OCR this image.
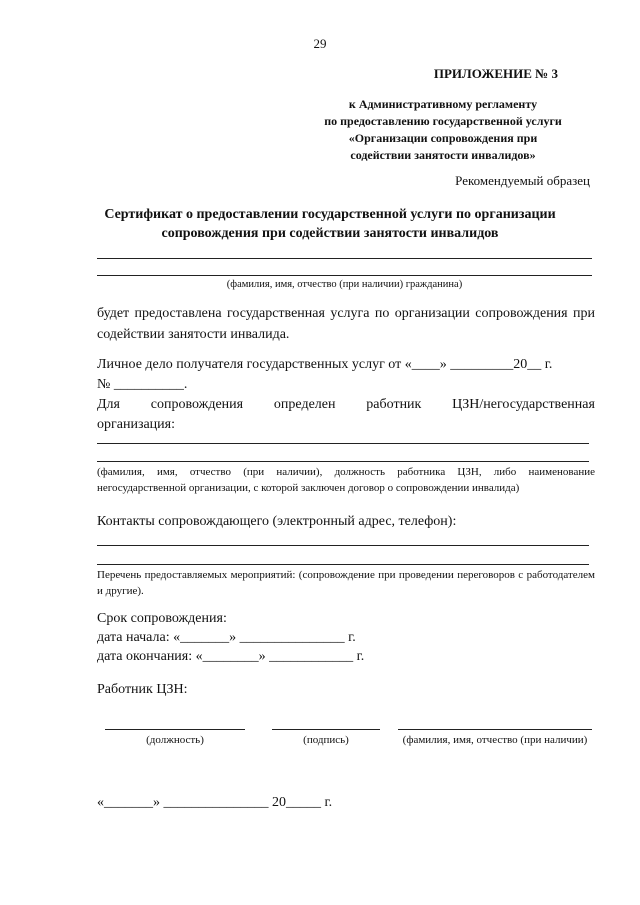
29
ПРИЛОЖЕНИЕ № 3
к Административному регламенту
по предоставлению государственной услуги
«Организации сопровождения при
содействии занятости инвалидов»
Рекомендуемый образец
Сертификат о предоставлении государственной услуги по организации сопровождения при содействии занятости инвалидов
(фамилия, имя, отчество (при наличии) гражданина)
будет предоставлена государственная услуга по организации сопровождения при содействии занятости инвалида.
Личное дело получателя государственных услуг от «____» _________20__ г.
№ __________.
Для сопровождения определен работник ЦЗН/негосударственная
организация:
(фамилия, имя, отчество (при наличии), должность работника ЦЗН, либо наименование негосударственной организации, с которой заключен договор о сопровождении инвалида)
Контакты сопровождающего (электронный адрес, телефон):
Перечень предоставляемых мероприятий: (сопровождение при проведении переговоров с работодателем и другие).
Срок сопровождения:
дата начала: «_______» _______________ г.
дата окончания: «________» ____________ г.
Работник ЦЗН:
(должность)	(подпись)	(фамилия, имя, отчество (при наличии)
«_______» _______________ 20_____ г.
